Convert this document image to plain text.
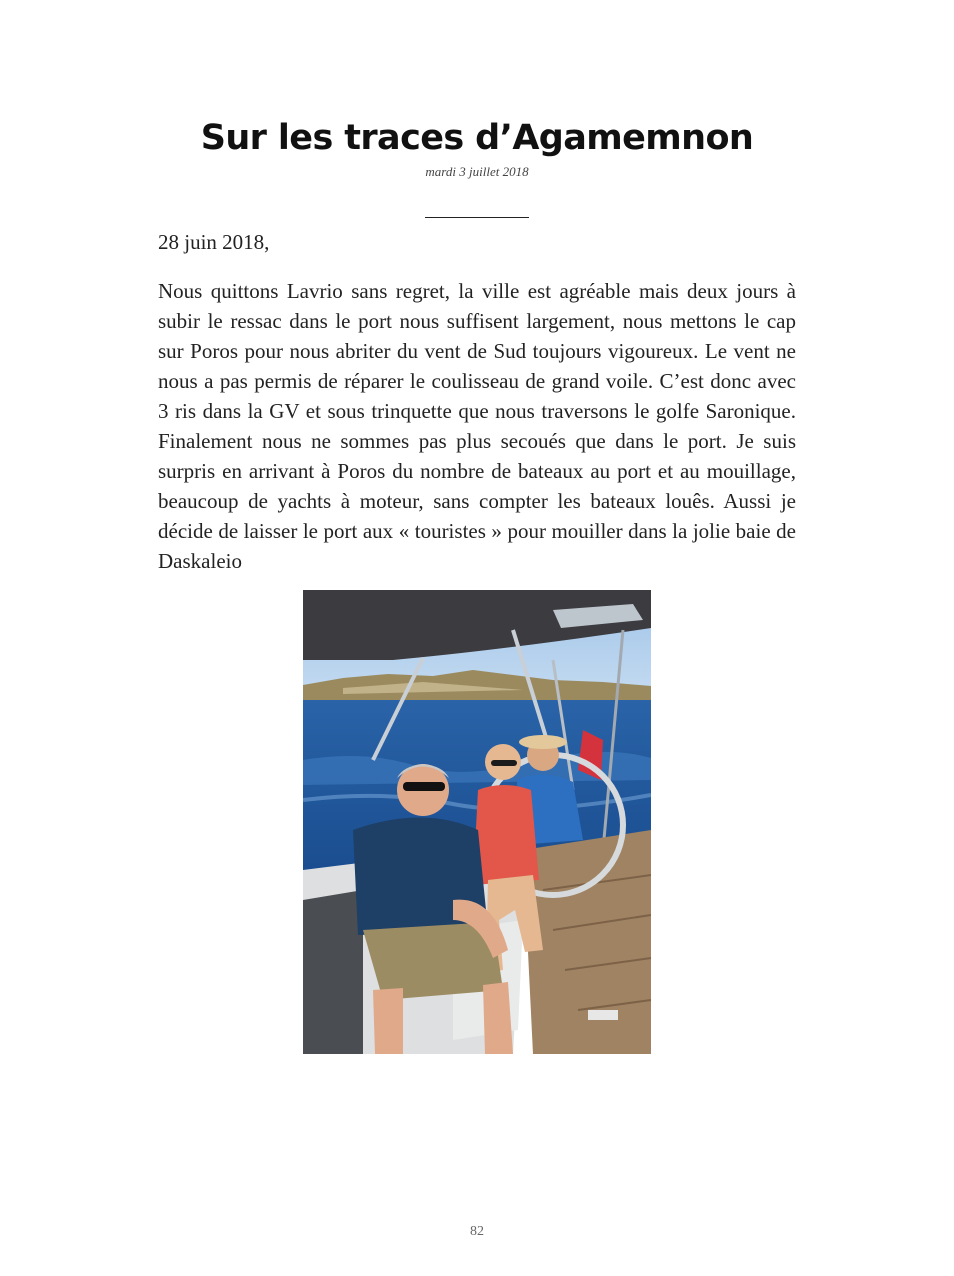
Sur les traces d’Agamemnon
mardi 3 juillet 2018
28 juin 2018,

Nous quittons Lavrio sans regret, la ville est agréable mais deux jours à subir le ressac dans le port nous suffisent largement, nous mettons le cap sur Poros pour nous abriter du vent de Sud toujours vigoureux. Le vent ne nous a pas permis de réparer le coulisseau de grand voile. C’est donc avec 3 ris dans la GV et sous trinquette que nous traversons le golfe Saronique. Finalement nous ne sommes pas plus secoués que dans le port. Je suis surpris en arrivant à Poros du nombre de bateaux au port et au mouillage, beaucoup de yachts à moteur, sans compter les bateaux louês. Aussi je décide de laisser le port aux « touristes » pour mouiller dans la jolie baie de Daskaleio

82
